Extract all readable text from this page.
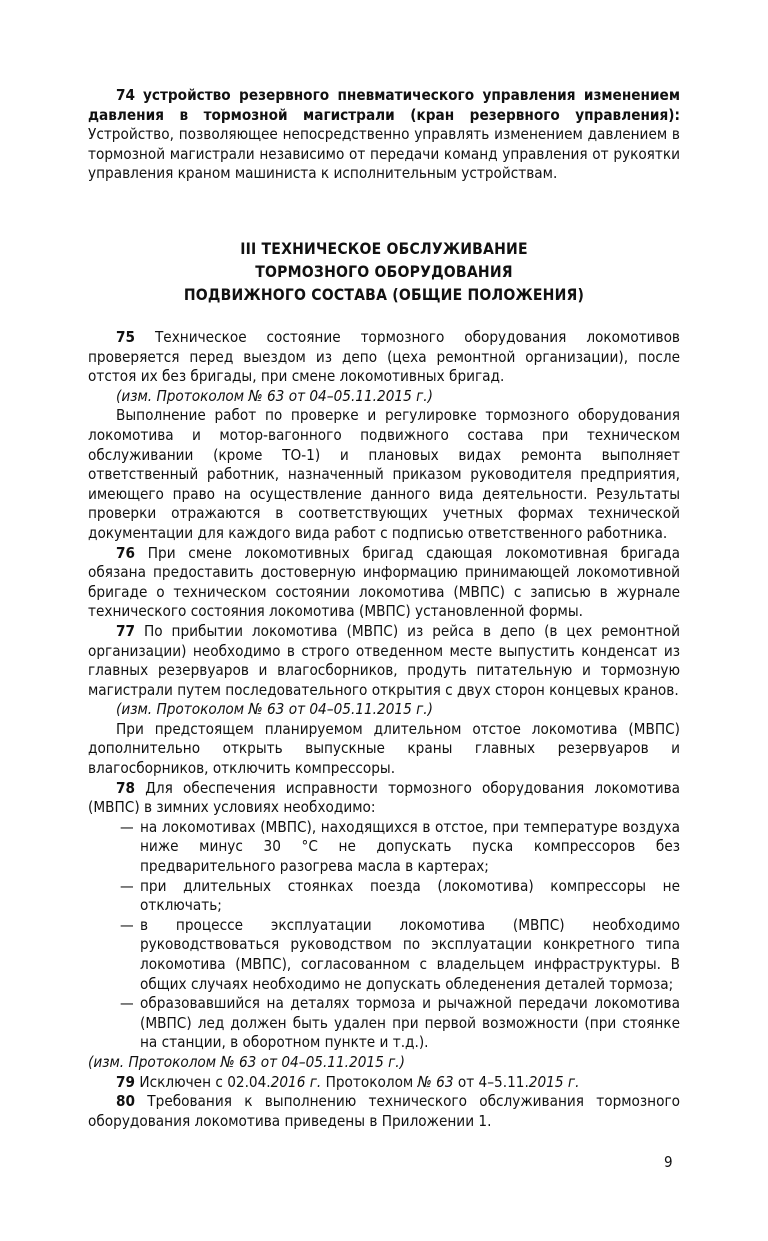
74 устройство резервного пневматического управления изменением давления в тормозной магистрали (кран резервного управления): Устройство, позволяющее непосредственно управлять изменением давлением в тормозной магистрали независимо от передачи команд управления от рукоятки управления краном машиниста к исполнительным устройствам.

III ТЕХНИЧЕСКОЕ ОБСЛУЖИВАНИЕ
ТОРМОЗНОГО ОБОРУДОВАНИЯ
ПОДВИЖНОГО СОСТАВА (ОБЩИЕ ПОЛОЖЕНИЯ)

75 Техническое состояние тормозного оборудования локомотивов проверяется перед выездом из депо (цеха ремонтной организации), после отстоя их без бригады, при смене локомотивных бригад.

(изм. Протоколом № 63 от 04–05.11.2015 г.)

Выполнение работ по проверке и регулировке тормозного оборудования локомотива и мотор-вагонного подвижного состава при техническом обслуживании (кроме ТО-1) и плановых видах ремонта выполняет ответственный работник, назначенный приказом руководителя предприятия, имеющего право на осуществление данного вида деятельности. Результаты проверки отражаются в соответствующих учетных формах технической документации для каждого вида работ с подписью ответственного работника.

76 При смене локомотивных бригад сдающая локомотивная бригада обязана предоставить достоверную информацию принимающей локомотивной бригаде о техническом состоянии локомотива (МВПС) с записью в журнале технического состояния локомотива (МВПС) установленной формы.

77 По прибытии локомотива (МВПС) из рейса в депо (в цех ремонтной организации) необходимо в строго отведенном месте выпустить конденсат из главных резервуаров и влагосборников, продуть питательную и тормозную магистрали путем последовательного открытия с двух сторон концевых кранов.

(изм. Протоколом № 63 от 04–05.11.2015 г.)

При предстоящем планируемом длительном отстое локомотива (МВПС) дополнительно открыть выпускные краны главных резервуаров и влагосборников, отключить компрессоры.

78 Для обеспечения исправности тормозного оборудования локомотива (МВПС) в зимних условиях необходимо:

— на локомотивах (МВПС), находящихся в отстое, при температуре воздуха ниже минус 30 °С не допускать пуска компрессоров без предварительного разогрева масла в картерах;
— при длительных стоянках поезда (локомотива) компрессоры не отключать;
— в процессе эксплуатации локомотива (МВПС) необходимо руководствоваться руководством по эксплуатации конкретного типа локомотива (МВПС), согласованном с владельцем инфраструктуры. В общих случаях необходимо не допускать обледенения деталей тормоза;
— образовавшийся на деталях тормоза и рычажной передачи локомотива (МВПС) лед должен быть удален при первой возможности (при стоянке на станции, в оборотном пункте и т.д.).

(изм. Протоколом № 63 от 04–05.11.2015 г.)

79 Исключен с 02.04.2016 г. Протоколом № 63 от 4–5.11.2015 г.

80 Требования к выполнению технического обслуживания тормозного оборудования локомотива приведены в Приложении 1.

9
